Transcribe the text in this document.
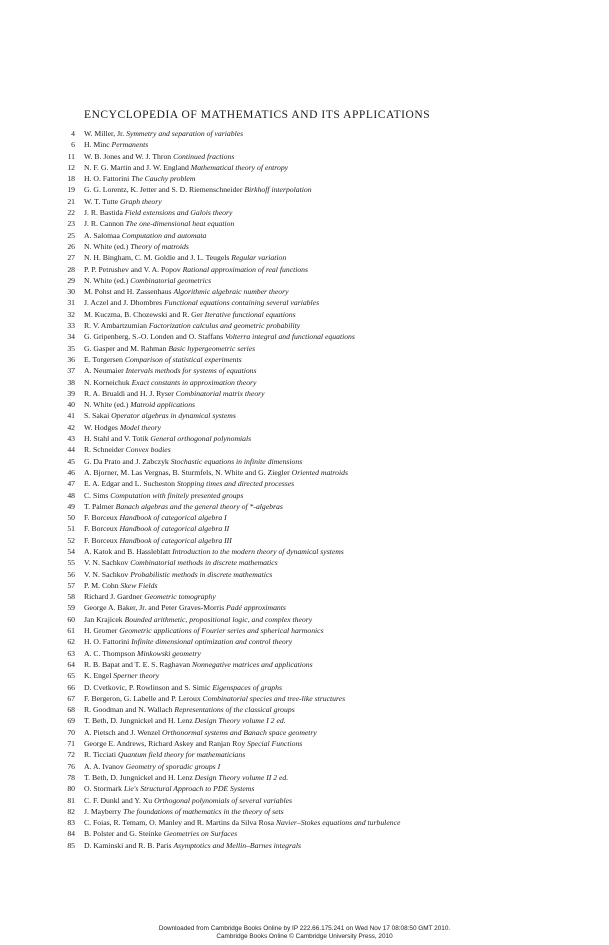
ENCYCLOPEDIA OF MATHEMATICS AND ITS APPLICATIONS
4 W. Miller, Jr. Symmetry and separation of variables
6 H. Minc Permanents
11 W. B. Jones and W. J. Thron Continued fractions
12 N. F. G. Martin and J. W. England Mathematical theory of entropy
18 H. O. Fattorini The Cauchy problem
19 G. G. Lorentz, K. Jetter and S. D. Riemenschneider Birkhoff interpolation
21 W. T. Tutte Graph theory
22 J. R. Bastida Field extensions and Galois theory
23 J. R. Cannon The one-dimensional heat equation
25 A. Salomaa Computation and automata
26 N. White (ed.) Theory of matroids
27 N. H. Bingham, C. M. Goldie and J. L. Teugels Regular variation
28 P. P. Petrushev and V. A. Popov Rational approximation of real functions
29 N. White (ed.) Combinatorial geometrics
30 M. Pohst and H. Zassenhaus Algorithmic algebraic number theory
31 J. Aczel and J. Dhombres Functional equations containing several variables
32 M. Kuczma, B. Chozewski and R. Ger Iterative functional equations
33 R. V. Ambartzumian Factorization calculus and geometric probability
34 G. Gripenberg, S.-O. Londen and O. Staffans Volterra integral and functional equations
35 G. Gasper and M. Rahman Basic hypergeometric series
36 E. Torgersen Comparison of statistical experiments
37 A. Neumaier Intervals methods for systems of equations
38 N. Korneichuk Exact constants in approximation theory
39 R. A. Brualdi and H. J. Ryser Combinatorial matrix theory
40 N. White (ed.) Matroid applications
41 S. Sakai Operator algebras in dynamical systems
42 W. Hodges Model theory
43 H. Stahl and V. Totik General orthogonal polynomials
44 R. Schneider Convex bodies
45 G. Da Prato and J. Zabczyk Stochastic equations in infinite dimensions
46 A. Bjorner, M. Las Vergnas, B. Sturmfels, N. White and G. Ziegler Oriented matroids
47 E. A. Edgar and L. Sucheston Stopping times and directed processes
48 C. Sims Computation with finitely presented groups
49 T. Palmer Banach algebras and the general theory of *-algebras
50 F. Borceux Handbook of categorical algebra I
51 F. Borceux Handbook of categorical algebra II
52 F. Borceux Handbook of categorical algebra III
54 A. Katok and B. Hassleblatt Introduction to the modern theory of dynamical systems
55 V. N. Sachkov Combinatorial methods in discrete mathematics
56 V. N. Sachkov Probabilistic methods in discrete mathematics
57 P. M. Cohn Skew Fields
58 Richard J. Gardner Geometric tomography
59 George A. Baker, Jr. and Peter Graves-Morris Padé approximants
60 Jan Krajicek Bounded arithmetic, propositional logic, and complex theory
61 H. Gromer Geometric applications of Fourier series and spherical harmonics
62 H. O. Fattorini Infinite dimensional optimization and control theory
63 A. C. Thompson Minkowski geometry
64 R. B. Bapat and T. E. S. Raghavan Nonnegative matrices and applications
65 K. Engel Sperner theory
66 D. Cvetkovic, P. Rowlinson and S. Simic Eigenspaces of graphs
67 F. Bergeron, G. Labelle and P. Leroux Combinatorial species and tree-like structures
68 R. Goodman and N. Wallach Representations of the classical groups
69 T. Beth, D. Jungnickel and H. Lenz Design Theory volume I 2 ed.
70 A. Pietsch and J. Wenzel Orthonormal systems and Banach space geometry
71 George E. Andrews, Richard Askey and Ranjan Roy Special Functions
72 R. Ticciati Quantum field theory for mathematicians
76 A. A. Ivanov Geometry of sporadic groups I
78 T. Beth, D. Jungnickel and H. Lenz Design Theory volume II 2 ed.
80 O. Stormark Lie's Structural Approach to PDE Systems
81 C. F. Dunkl and Y. Xu Orthogonal polynomials of several variables
82 J. Mayberry The foundations of mathematics in the theory of sets
83 C. Foias, R. Temam, O. Manley and R. Martins da Silva Rosa Navier–Stokes equations and turbulence
84 B. Polster and G. Steinke Geometries on Surfaces
85 D. Kaminski and R. B. Paris Asymptotics and Mellin–Barnes integrals
Downloaded from Cambridge Books Online by IP 222.66.175.241 on Wed Nov 17 08:08:50 GMT 2010.
Cambridge Books Online © Cambridge University Press, 2010
